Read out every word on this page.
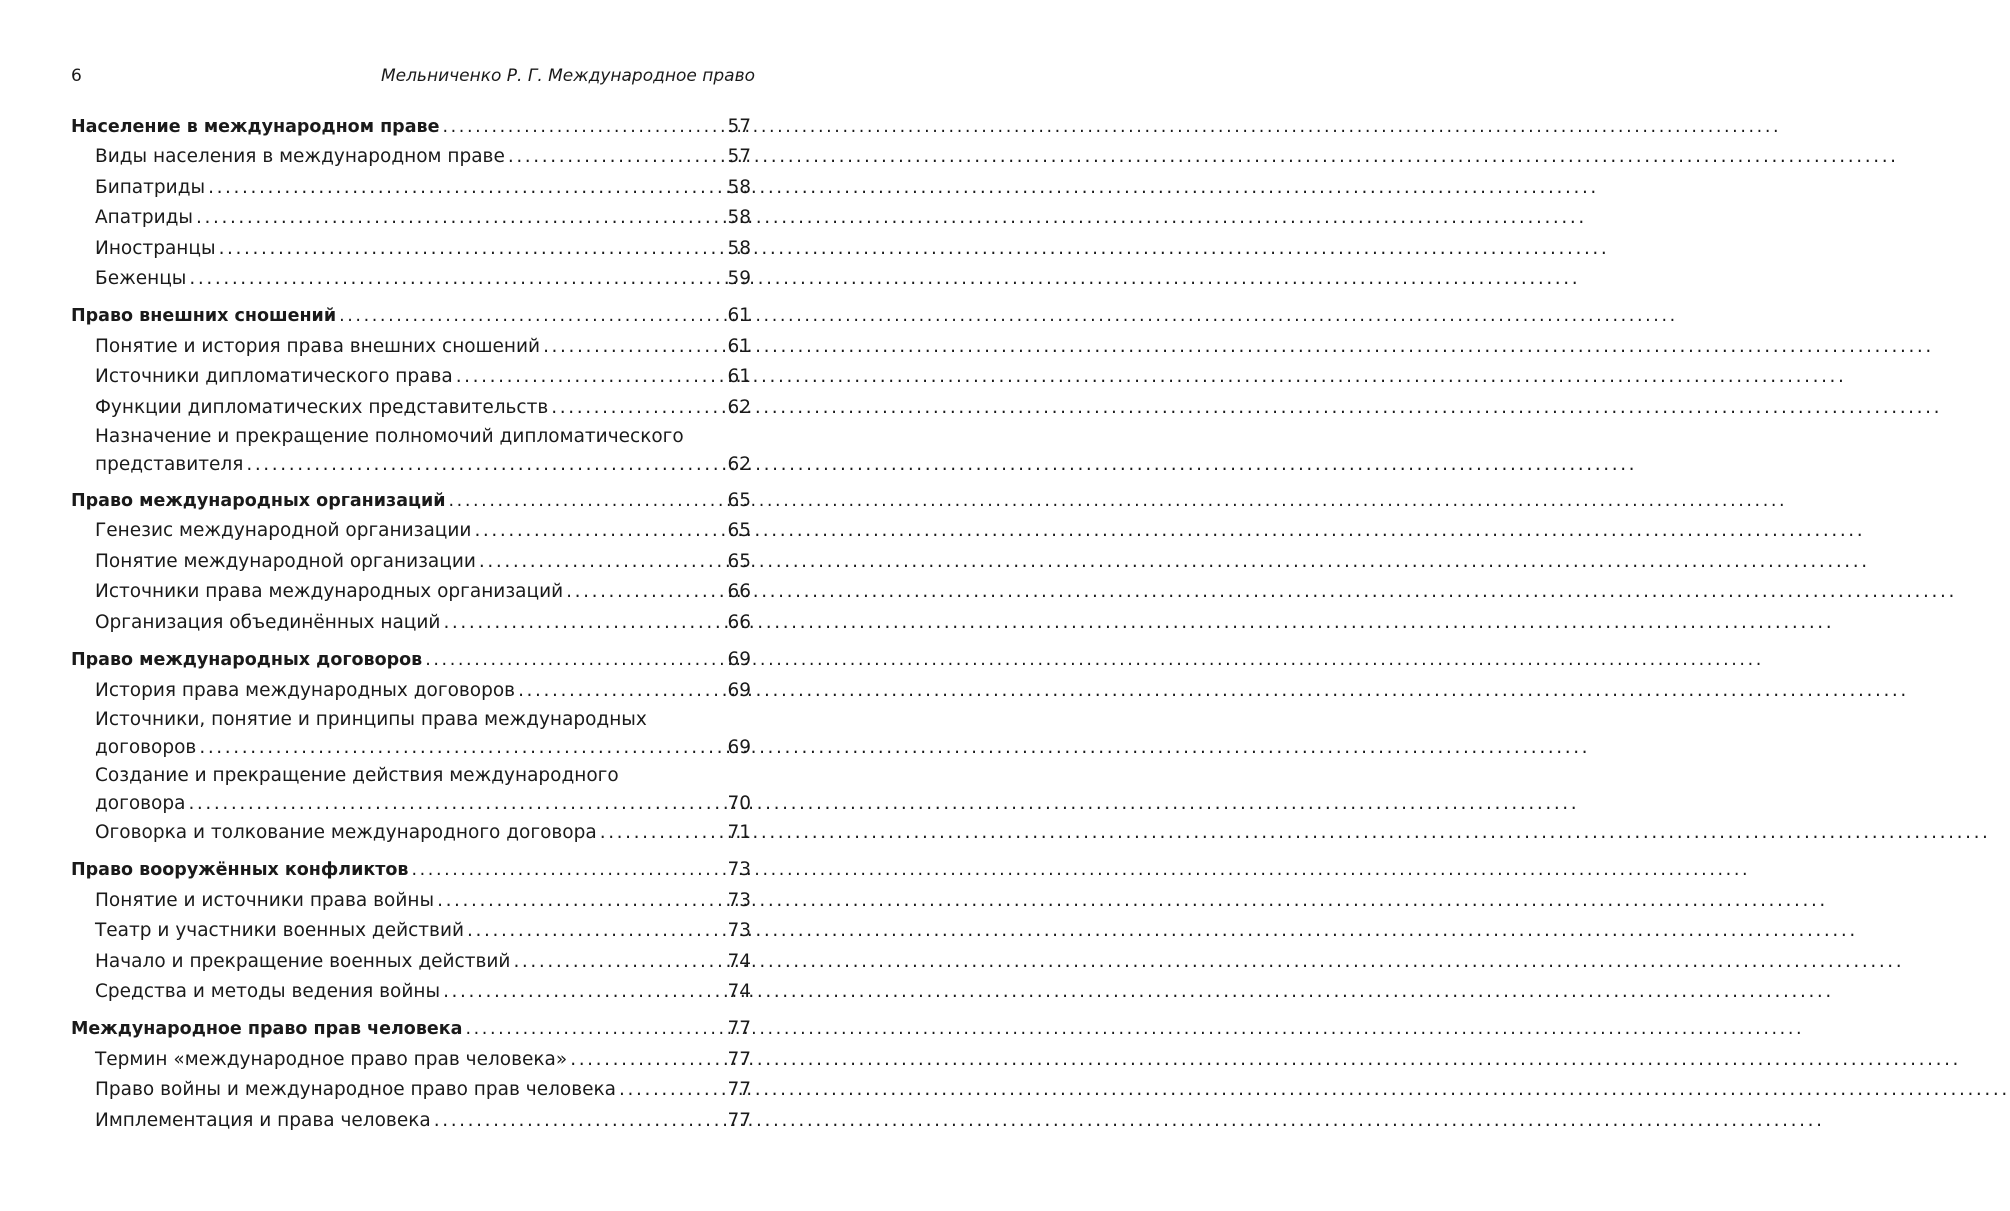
6	Мельниченко Р. Г. Международное право
Население в международном праве .....	57
Виды населения в международном праве .....	57
Бипатриды .....	58
Апатриды .....	58
Иностранцы .....	58
Беженцы .....	59
Право внешних сношений .....	61
Понятие и история права внешних сношений .....	61
Источники дипломатического права .....	61
Функции дипломатических представительств .....	62
Назначение и прекращение полномочий дипломатического
представителя .....	62
Право международных организаций .....	65
Генезис международной организации .....	65
Понятие международной организации .....	65
Источники права международных организаций .....	66
Организация объединённых наций .....	66
Право международных договоров .....	69
История права международных договоров .....	69
Источники, понятие и принципы права международных
договоров .....	69
Создание и прекращение действия международного
договора .....	70
Оговорка и толкование международного договора .....	71
Право вооружённых конфликтов .....	73
Понятие и источники права войны .....	73
Театр и участники военных действий .....	73
Начало и прекращение военных действий .....	74
Средства и методы ведения войны .....	74
Международное право прав человека .....	77
Термин «международное право прав человека» .....	77
Право войны и международное право прав человека .....	77
Имплементация и права человека .....	77
